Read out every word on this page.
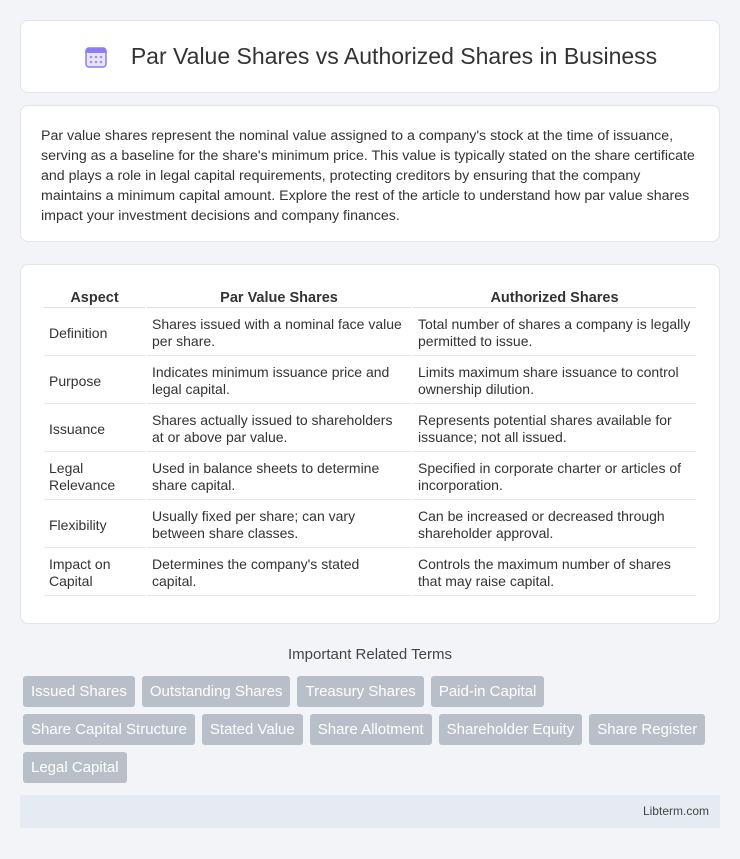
Par Value Shares vs Authorized Shares in Business

Par value shares represent the nominal value assigned to a company's stock at the time of issuance, serving as a baseline for the share's minimum price. This value is typically stated on the share certificate and plays a role in legal capital requirements, protecting creditors by ensuring that the company maintains a minimum capital amount. Explore the rest of the article to understand how par value shares impact your investment decisions and company finances.

Aspect	Par Value Shares	Authorized Shares
Definition	Shares issued with a nominal face value per share.	Total number of shares a company is legally permitted to issue.
Purpose	Indicates minimum issuance price and legal capital.	Limits maximum share issuance to control ownership dilution.
Issuance	Shares actually issued to shareholders at or above par value.	Represents potential shares available for issuance; not all issued.
Legal Relevance	Used in balance sheets to determine share capital.	Specified in corporate charter or articles of incorporation.
Flexibility	Usually fixed per share; can vary between share classes.	Can be increased or decreased through shareholder approval.
Impact on Capital	Determines the company's stated capital.	Controls the maximum number of shares that may raise capital.
Important Related Terms
Issued Shares	Outstanding Shares	Treasury Shares	Paid-in Capital
Share Capital Structure	Stated Value	Share Allotment	Shareholder Equity	Share Register
Legal Capital
Libterm.com
